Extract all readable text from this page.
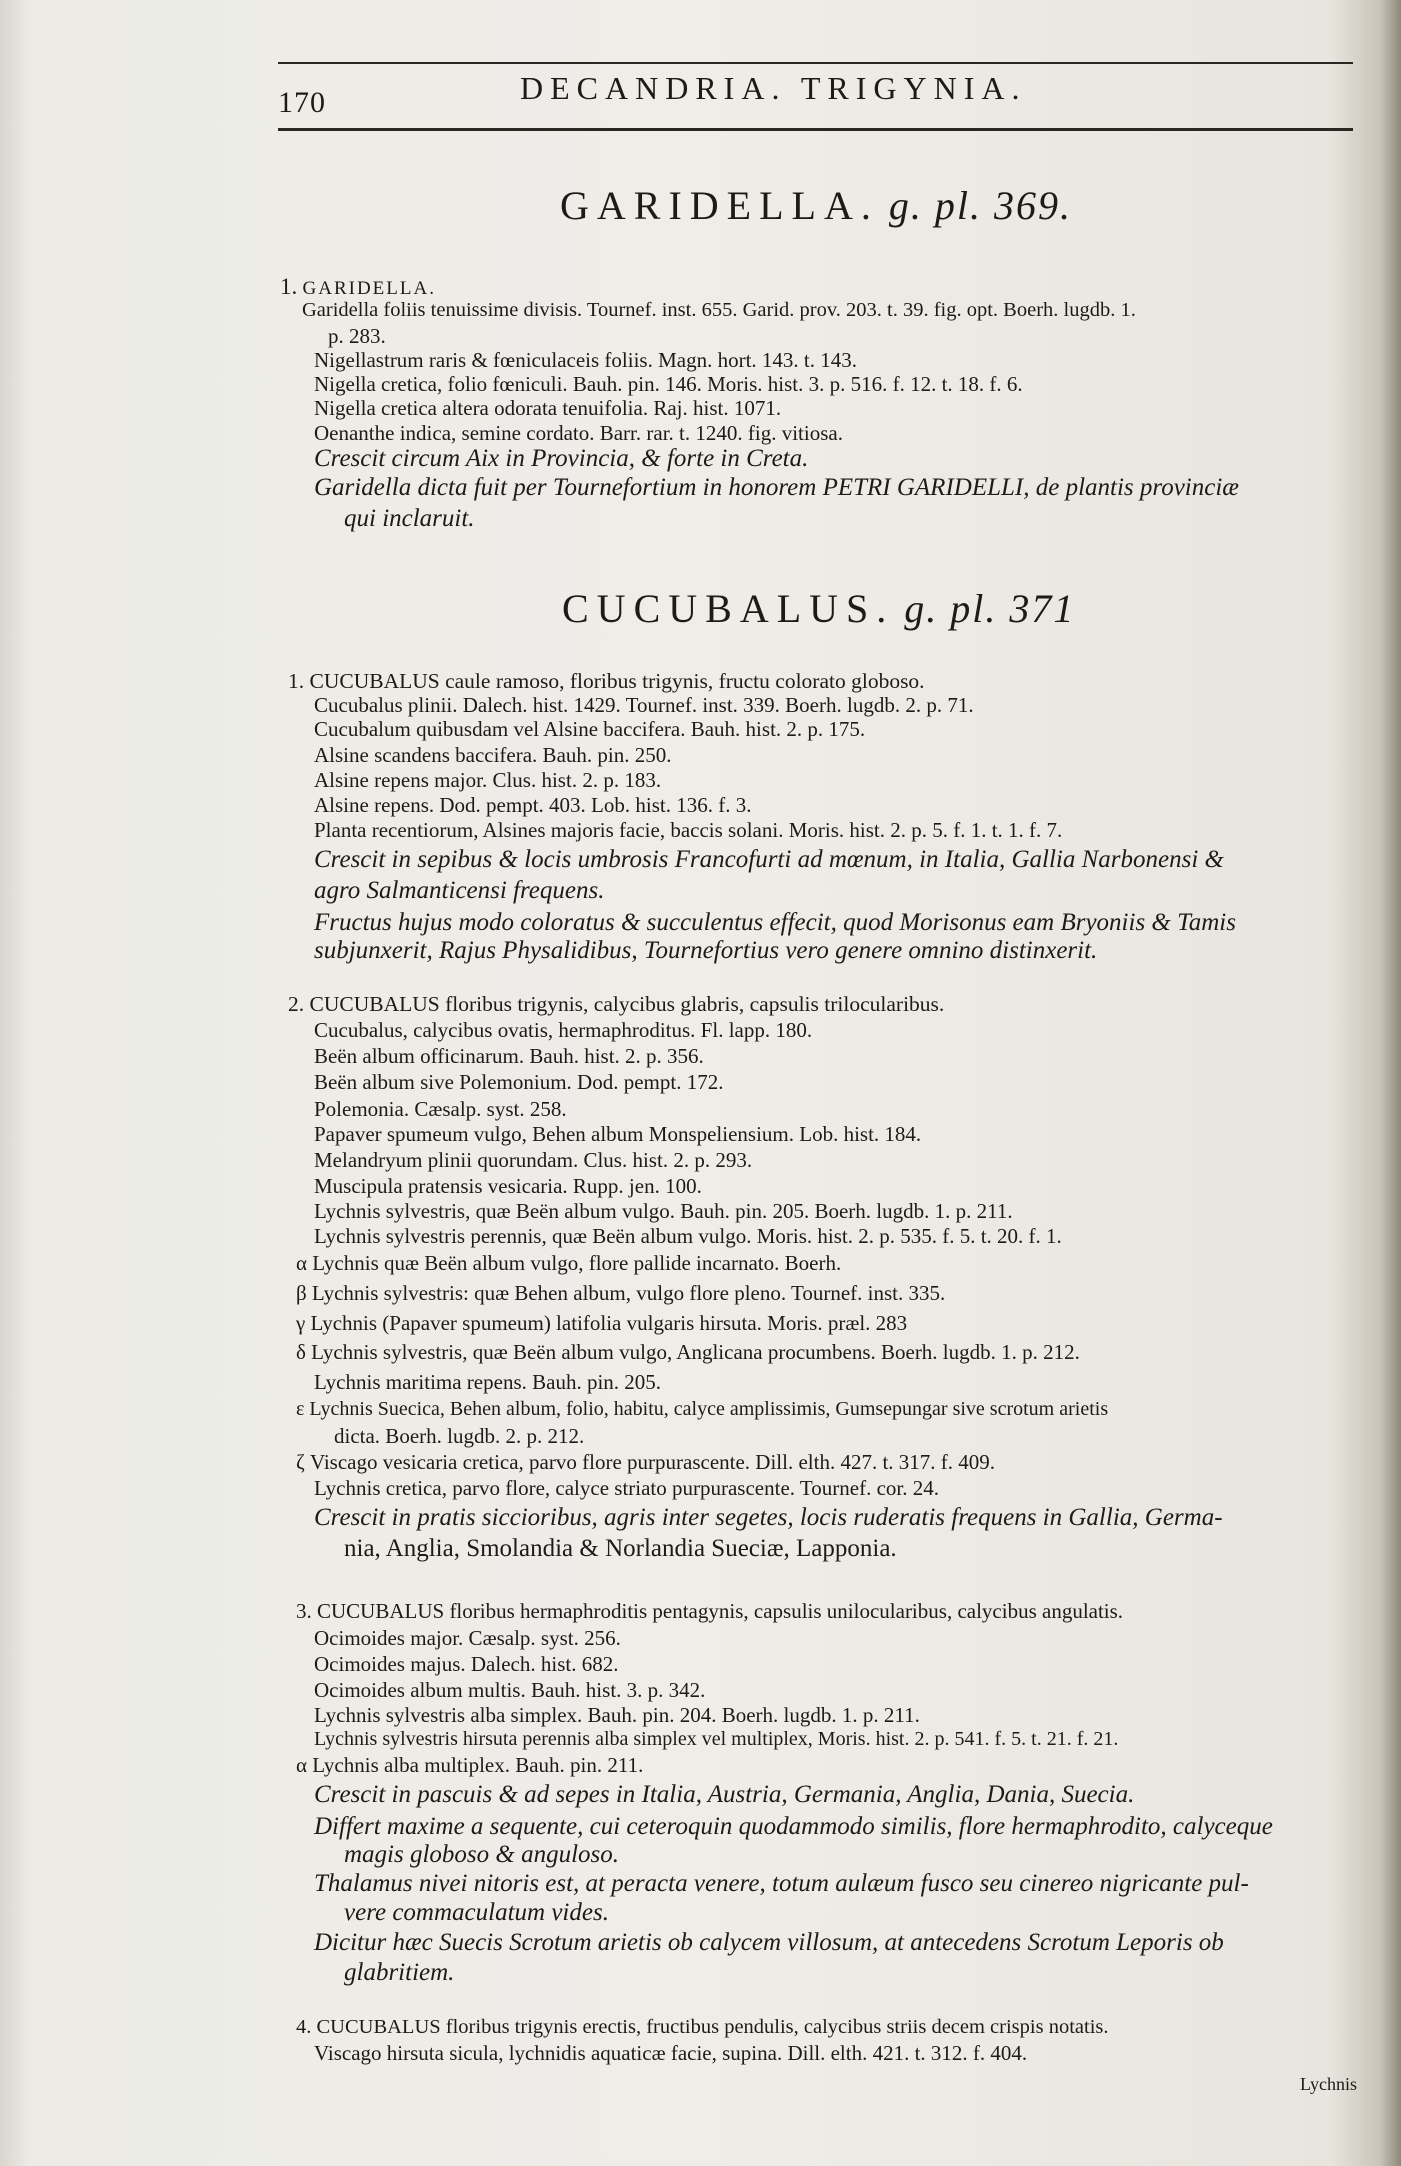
170	DECANDRIA. TRIGYNIA.
GARIDELLA. g. pl. 369.
1. GARIDELLA.
Garidella foliis tenuissime divisis. Tournef. inst. 655. Garid. prov. 203. t. 39. fig. opt. Boerh. lugdb. 1.
p. 283.
Nigellastrum raris & fœniculaceis foliis. Magn. hort. 143. t. 143.
Nigella cretica, folio fœniculi. Bauh. pin. 146. Moris. hist. 3. p. 516. f. 12. t. 18. f. 6.
Nigella cretica altera odorata tenuifolia. Raj. hist. 1071.
Oenanthe indica, semine cordato. Barr. rar. t. 1240. fig. vitiosa.
Crescit circum Aix in Provincia, & forte in Creta.
Garidella dicta fuit per Tournefortium in honorem PETRI GARIDELLI, de plantis provinciæ
qui inclaruit.
CUCUBALUS. g. pl. 371
1. CUCUBALUS caule ramoso, floribus trigynis, fructu colorato globoso.
Cucubalus plinii. Dalech. hist. 1429. Tournef. inst. 339. Boerh. lugdb. 2. p. 71.
Cucubalum quibusdam vel Alsine baccifera. Bauh. hist. 2. p. 175.
Alsine scandens baccifera. Bauh. pin. 250.
Alsine repens major. Clus. hist. 2. p. 183.
Alsine repens. Dod. pempt. 403. Lob. hist. 136. f. 3.
Planta recentiorum, Alsines majoris facie, baccis solani. Moris. hist. 2. p. 5. f. 1. t. 1. f. 7.
Crescit in sepibus & locis umbrosis Francofurti ad mœnum, in Italia, Gallia Narbonensi &
agro Salmanticensi frequens.
Fructus hujus modo coloratus & succulentus effecit, quod Morisonus eam Bryoniis & Tamis
subjunxerit, Rajus Physalidibus, Tournefortius vero genere omnino distinxerit.
2. CUCUBALUS floribus trigynis, calycibus glabris, capsulis trilocularibus.
Cucubalus, calycibus ovatis, hermaphroditus. Fl. lapp. 180.
Beën album officinarum. Bauh. hist. 2. p. 356.
Beën album sive Polemonium. Dod. pempt. 172.
Polemonia. Cæsalp. syst. 258.
Papaver spumeum vulgo, Behen album Monspeliensium. Lob. hist. 184.
Melandryum plinii quorundam. Clus. hist. 2. p. 293.
Muscipula pratensis vesicaria. Rupp. jen. 100.
Lychnis sylvestris, quæ Beën album vulgo. Bauh. pin. 205. Boerh. lugdb. 1. p. 211.
Lychnis sylvestris perennis, quæ Beën album vulgo. Moris. hist. 2. p. 535. f. 5. t. 20. f. 1.
α Lychnis quæ Beën album vulgo, flore pallide incarnato. Boerh.
β Lychnis sylvestris: quæ Behen album, vulgo flore pleno. Tournef. inst. 335.
γ Lychnis (Papaver spumeum) latifolia vulgaris hirsuta. Moris. præl. 283
δ Lychnis sylvestris, quæ Beën album vulgo, Anglicana procumbens. Boerh. lugdb. 1. p. 212.
Lychnis maritima repens. Bauh. pin. 205.
ε Lychnis Suecica, Behen album, folio, habitu, calyce amplissimis, Gumsepungar sive scrotum arietis
dicta. Boerh. lugdb. 2. p. 212.
ζ Viscago vesicaria cretica, parvo flore purpurascente. Dill. elth. 427. t. 317. f. 409.
Lychnis cretica, parvo flore, calyce striato purpurascente. Tournef. cor. 24.
Crescit in pratis siccioribus, agris inter segetes, locis ruderatis frequens in Gallia, Germa-
nia, Anglia, Smolandia & Norlandia Sueciæ, Lapponia.
3. CUCUBALUS floribus hermaphroditis pentagynis, capsulis unilocularibus, calycibus angulatis.
Ocimoides major. Cæsalp. syst. 256.
Ocimoides majus. Dalech. hist. 682.
Ocimoides album multis. Bauh. hist. 3. p. 342.
Lychnis sylvestris alba simplex. Bauh. pin. 204. Boerh. lugdb. 1. p. 211.
Lychnis sylvestris hirsuta perennis alba simplex vel multiplex, Moris. hist. 2. p. 541. f. 5. t. 21. f. 21.
α Lychnis alba multiplex. Bauh. pin. 211.
Crescit in pascuis & ad sepes in Italia, Austria, Germania, Anglia, Dania, Suecia.
Differt maxime a sequente, cui ceteroquin quodammodo similis, flore hermaphrodito, calyceque
magis globoso & anguloso.
Thalamus nivei nitoris est, at peracta venere, totum aulæum fusco seu cinereo nigricante pul-
vere commaculatum vides.
Dicitur hæc Suecis Scrotum arietis ob calycem villosum, at antecedens Scrotum Leporis ob
glabritiem.
4. CUCUBALUS floribus trigynis erectis, fructibus pendulis, calycibus striis decem crispis notatis.
Viscago hirsuta sicula, lychnidis aquaticæ facie, supina. Dill. elth. 421. t. 312. f. 404.
Lychnis
